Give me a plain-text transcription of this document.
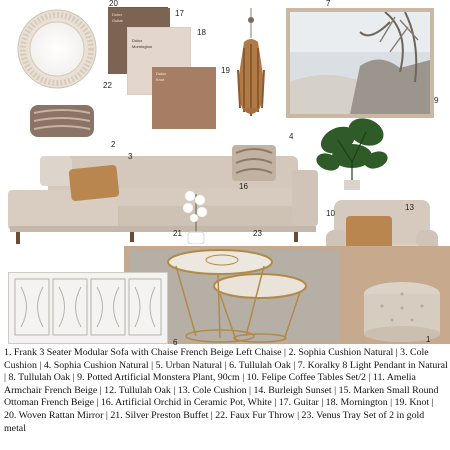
Dulux
Mornington
Dulux
Knot
Dulux
Guitar
20
17
18
19
22
7
9
2
3
4
16
10
13
21	23
6	1
1. Frank 3 Seater Modular Sofa with Chaise French Beige Left Chaise | 2. Sophia Cushion Natural | 3. Cole Cushion | 4. Sophia Cushion Natural | 5. Urban Natural | 6. Tullulah Oak | 7. Koralky 8 Light Pendant in Natural | 8. Tullulah Oak | 9. Potted Artificial Monstera Plant, 90cm | 10. Felipe Coffee Tables Set/2 | 11. Amelia Armchair French Beige | 12. Tullulah Oak | 13. Cole Cushion | 14. Burleigh Sunset | 15. Marken Small Round Ottoman French Beige | 16. Artificial Orchid in Ceramic Pot, White | 17. Guitar | 18. Mornington | 19. Knot | 20. Woven Rattan Mirror | 21. Silver Preston Buffet | 22. Faux Fur Throw | 23. Venus Tray Set of 2 in gold metal
